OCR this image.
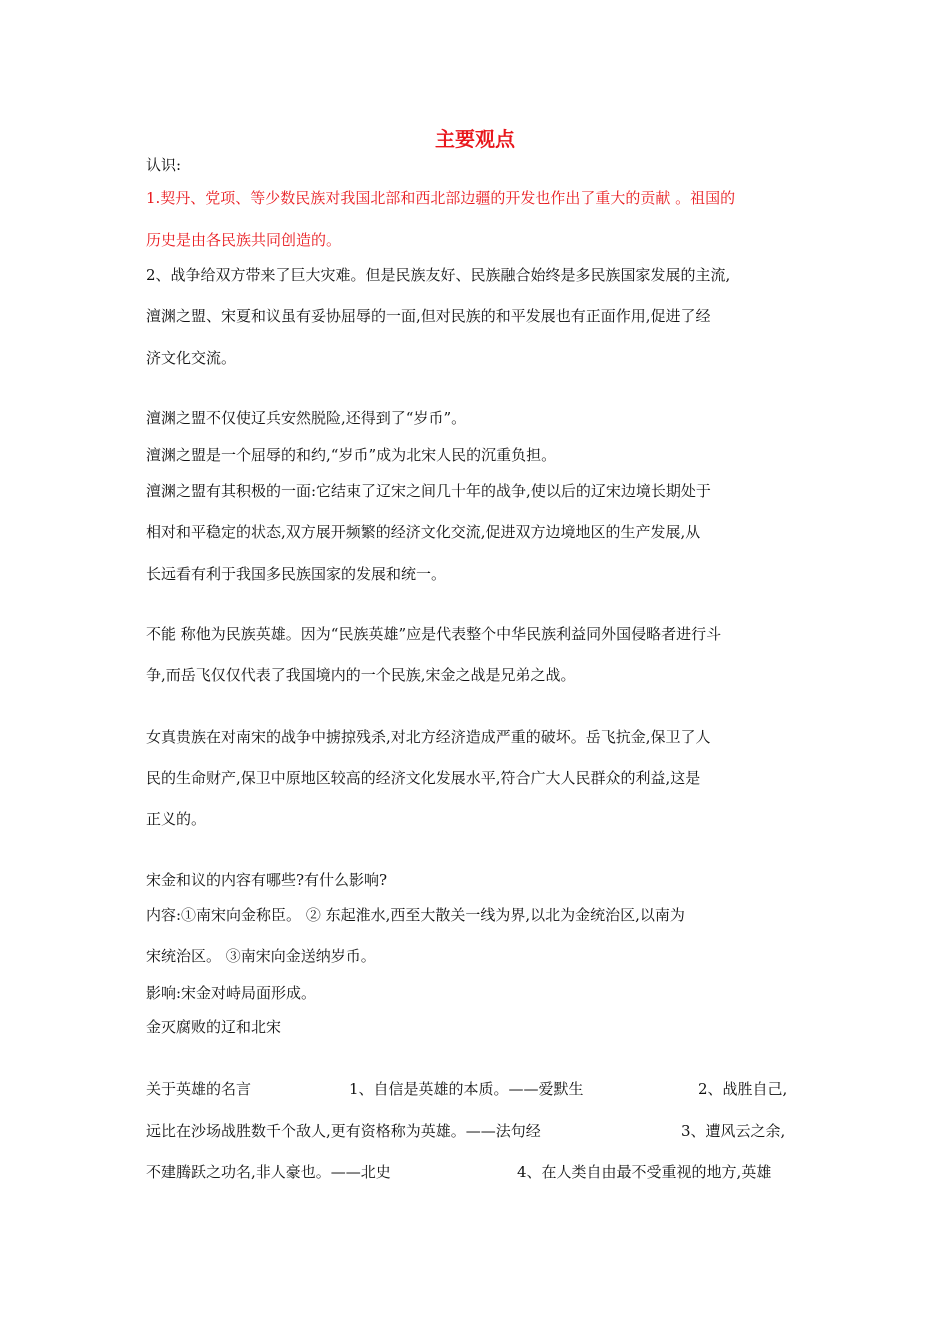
主要观点
认识:
1.契丹、党项、等少数民族对我国北部和西北部边疆的开发也作出了重大的贡献 。祖国的
历史是由各民族共同创造的。
2、战争给双方带来了巨大灾难。但是民族友好、民族融合始终是多民族国家发展的主流,
澶渊之盟、宋夏和议虽有妥协屈辱的一面,但对民族的和平发展也有正面作用,促进了经
济文化交流。
澶渊之盟不仅使辽兵安然脱险,还得到了“岁币”。
澶渊之盟是一个屈辱的和约,“岁币”成为北宋人民的沉重负担。
澶渊之盟有其积极的一面:它结束了辽宋之间几十年的战争,使以后的辽宋边境长期处于
相对和平稳定的状态,双方展开频繁的经济文化交流,促进双方边境地区的生产发展,从
长远看有利于我国多民族国家的发展和统一。
不能 称他为民族英雄。因为“民族英雄”应是代表整个中华民族利益同外国侵略者进行斗
争,而岳飞仅仅代表了我国境内的一个民族,宋金之战是兄弟之战。
女真贵族在对南宋的战争中掳掠残杀,对北方经济造成严重的破坏。岳飞抗金,保卫了人
民的生命财产,保卫中原地区较高的经济文化发展水平,符合广大人民群众的利益,这是
正义的。
宋金和议的内容有哪些?有什么影响?
内容:①南宋向金称臣。 ② 东起淮水,西至大散关一线为界,以北为金统治区,以南为
宋统治区。 ③南宋向金送纳岁币。
影响:宋金对峙局面形成。
金灭腐败的辽和北宋
关于英雄的名言	1、自信是英雄的本质。——爱默生	2、战胜自己,
远比在沙场战胜数千个敌人,更有资格称为英雄。——法句经	3、遭风云之余,
不建腾跃之功名,非人豪也。——北史	4、在人类自由最不受重视的地方,英雄
